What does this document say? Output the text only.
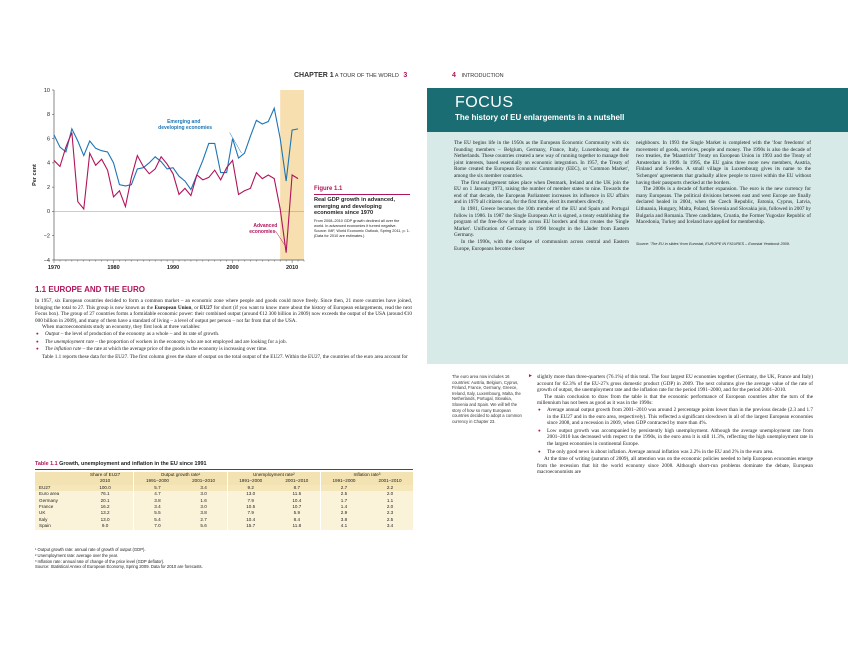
CHAPTER 1 A TOUR OF THE WORLD 3
−4
−2
0
2
4
6
8
10
1970	1980	1990	2000	2010
Per cent
Emerging and developing economies
Advanced economies
Figure 1.1
Real GDP growth in advanced, emerging and developing economies since 1970
From 2008–2010 GDP growth declined all over the world. In advanced economies it turned negative.
Source: IMF, World Economic Outlook, Spring 2011, p. 1. (Data for 2010 are estimates.)
1.1 EUROPE AND THE EURO

In 1957, six European countries decided to form a common market – an economic zone where people and goods could move freely. Since then, 21 more countries have joined, bringing the total to 27. This group is now known as the European Union, or EU27 for short (if you want to know more about the history of European enlargements, read the next Focus box). The group of 27 countries forms a formidable economic power: their combined output (around €12 300 billion in 2009) now exceeds the output of the USA (around €10 000 billion in 2009), and many of them have a standard of living – a level of output per person – not far from that of the USA.

When macroeconomists study an economy, they first look at three variables:

● Output – the level of production of the economy as a whole – and its rate of growth.
● The unemployment rate – the proportion of workers in the economy who are not employed and are looking for a job.
● The inflation rate – the rate at which the average price of the goods in the economy is increasing over time.

Table 1.1 reports these data for the EU27. The first column gives the share of output on the total output of the EU27. Within the EU27, the countries of the euro area account for

Table 1.1 Growth, unemployment and inflation in the EU since 1991
	Share of EU27	Output growth rate¹		Unemployment rate²		Inflation rate³	
	2010	1991–2000	2001–2010	1991–2000	2001–2010	1991–2000	2001–2010
EU27	100.0	5.7	3.4	9.2	8.7	2.7	2.2
Euro area	76.1	4.7	3.0	13.0	11.5	2.5	2.0
Germany	20.1	3.8	1.6	7.9	10.4	1.7	1.1
France	16.2	3.4	3.0	10.5	10.7	1.4	2.0
UK	13.2	5.5	3.8	7.9	5.9	2.9	2.3
Italy	13.0	5.4	2.7	10.4	8.4	3.8	2.5
Spain	9.0	7.0	5.6	15.7	11.8	4.1	3.4
¹ Output growth rate: annual rate of growth of output (GDP).
² Unemployment rate: average over the year.
³ Inflation rate: annual rate of change of the price level (GDP deflator).
Source: Statistical Annex of European Economy, Spring 2009. Data for 2010 are forecasts.
4 INTRODUCTION
FOCUS
The history of EU enlargements in a nutshell

The EU begins life in the 1950s as the European Economic Community with six founding members – Belgium, Germany, France, Italy, Luxembourg and the Netherlands. These countries created a new way of running together to manage their joint interests, based essentially on economic integration. In 1957, the Treaty of Rome created the European Economic Community (EEC), or 'Common Market', among the six member countries.

The first enlargement takes place when Denmark, Ireland and the UK join the EU on 1 January 1973, raising the number of member states to nine. Towards the end of that decade, the European Parliament increases its influence in EU affairs and in 1979 all citizens can, for the first time, elect its members directly.

In 1981, Greece becomes the 10th member of the EU and Spain and Portugal follow in 1986. In 1987 the Single European Act is signed, a treaty establishing the program of the free-flow of trade across EU borders and thus creates the 'Single Market'. Unification of Germany in 1990 brought in the Länder from Eastern Germany.

In the 1990s, with the collapse of communism across central and Eastern Europe, Europeans become closer

neighbours. In 1993 the Single Market is completed with the 'four freedoms' of movement of goods, services, people and money. The 1990s is also the decade of two treaties, the 'Maastricht' Treaty on European Union in 1993 and the Treaty of Amsterdam in 1999. In 1995, the EU gains three more new members, Austria, Finland and Sweden. A small village in Luxembourg gives its name to the 'Schengen' agreements that gradually allow people to travel within the EU without having their passports checked at the borders.

The 2000s is a decade of further expansion. The euro is the new currency for many Europeans. The political divisions between east and west Europe are finally declared healed in 2004, when the Czech Republic, Estonia, Cyprus, Latvia, Lithuania, Hungary, Malta, Poland, Slovenia and Slovakia join, followed in 2007 by Bulgaria and Romania. Three candidates, Croatia, the Former Yugoslav Republic of Macedonia, Turkey and Iceland have applied for membership.

Source: 'The EU in slides' from Eurostat, EUROPE IN FIGURES – Eurostat Yearbook 2009.
The euro area now includes 16 countries: Austria, Belgium, Cyprus, Finland, France, Germany, Greece, Ireland, Italy, Luxembourg, Malta, the Netherlands, Portugal, Slovakia, Slovenia and Spain. We will tell the story of how so many European countries decided to adopt a common currency in Chapter 23.
► slightly more than three-quarters (76.1%) of this total. The four largest EU economies together (Germany, the UK, France and Italy) account for 62.3% of the EU-27's gross domestic product (GDP) in 2009. The next columns give the average value of the rate of growth of output, the unemployment rate and the inflation rate for the period 1991–2000, and for the period 2001–2010.

The main conclusion to draw from the table is that the economic performance of European countries after the turn of the millennium has not been as good as it was in the 1990s:

● Average annual output growth from 2001–2010 was around 2 percentage points lower than in the previous decade (2.3 and 1.7 in the EU27 and in the euro area, respectively). This reflected a significant slowdown in all of the largest European economies since 2008, and a recession in 2009, when GDP contracted by more than 4%.
● Low output growth was accompanied by persistently high unemployment. Although the average unemployment rate from 2001–2010 has decreased with respect to the 1990s, in the euro area it is still 11.3%, reflecting the high unemployment rate in the largest economies in continental Europe.
● The only good news is about inflation. Average annual inflation was 2.2% in the EU and 2% in the euro area.

At the time of writing (autumn of 2009), all attention was on the economic policies needed to help European economies emerge from the recession that hit the world economy since 2008. Although short-run problems dominate the debate, European macroeconomists are
